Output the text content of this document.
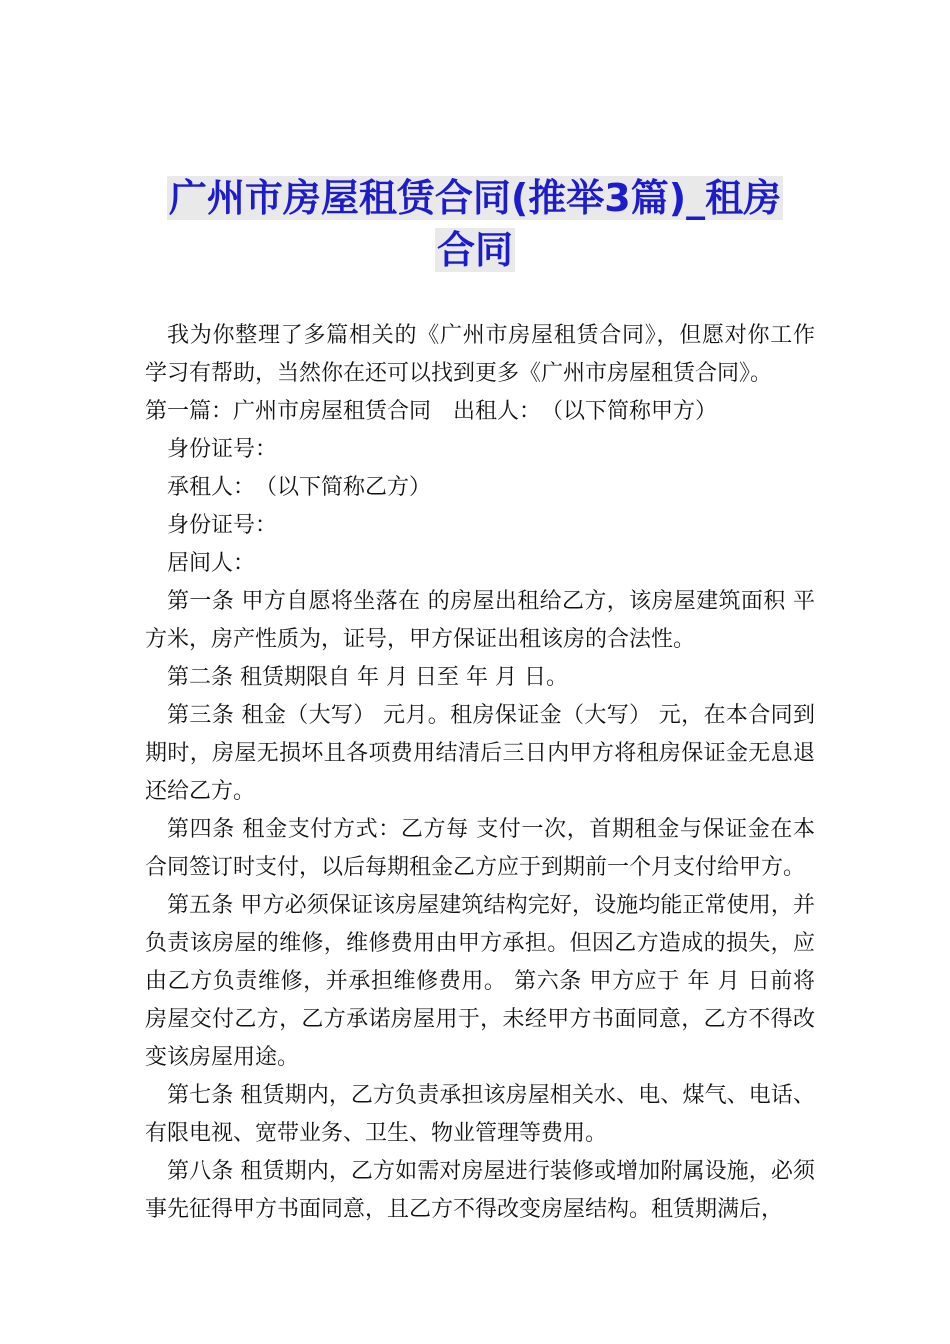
广州市房屋租赁合同(推举3篇)_租房
合同

我为你整理了多篇相关的《广州市房屋租赁合同》，但愿对你工作学习有帮助，当然你在还可以找到更多《广州市房屋租赁合同》。

第一篇：广州市房屋租赁合同　出租人：　（以下简称甲方）

身份证号：

承租人：　（以下简称乙方）

身份证号：

居间人：

第一条 甲方自愿将坐落在 的房屋出租给乙方，该房屋建筑面积 平方米，房产性质为，证号，甲方保证出租该房的合法性。

第二条 租赁期限自 年 月 日至 年 月 日。

第三条 租金（大写） 元月。租房保证金（大写） 元，在本合同到期时，房屋无损坏且各项费用结清后三日内甲方将租房保证金无息退还给乙方。

第四条 租金支付方式：乙方每 支付一次，首期租金与保证金在本合同签订时支付，以后每期租金乙方应于到期前一个月支付给甲方。

第五条 甲方必须保证该房屋建筑结构完好，设施均能正常使用，并负责该房屋的维修，维修费用由甲方承担。但因乙方造成的损失，应由乙方负责维修，并承担维修费用。 第六条 甲方应于 年 月 日前将房屋交付乙方，乙方承诺房屋用于，未经甲方书面同意，乙方不得改变该房屋用途。

第七条 租赁期内，乙方负责承担该房屋相关水、电、煤气、电话、有限电视、宽带业务、卫生、物业管理等费用。

第八条 租赁期内，乙方如需对房屋进行装修或增加附属设施，必须事先征得甲方书面同意，且乙方不得改变房屋结构。租赁期满后，
